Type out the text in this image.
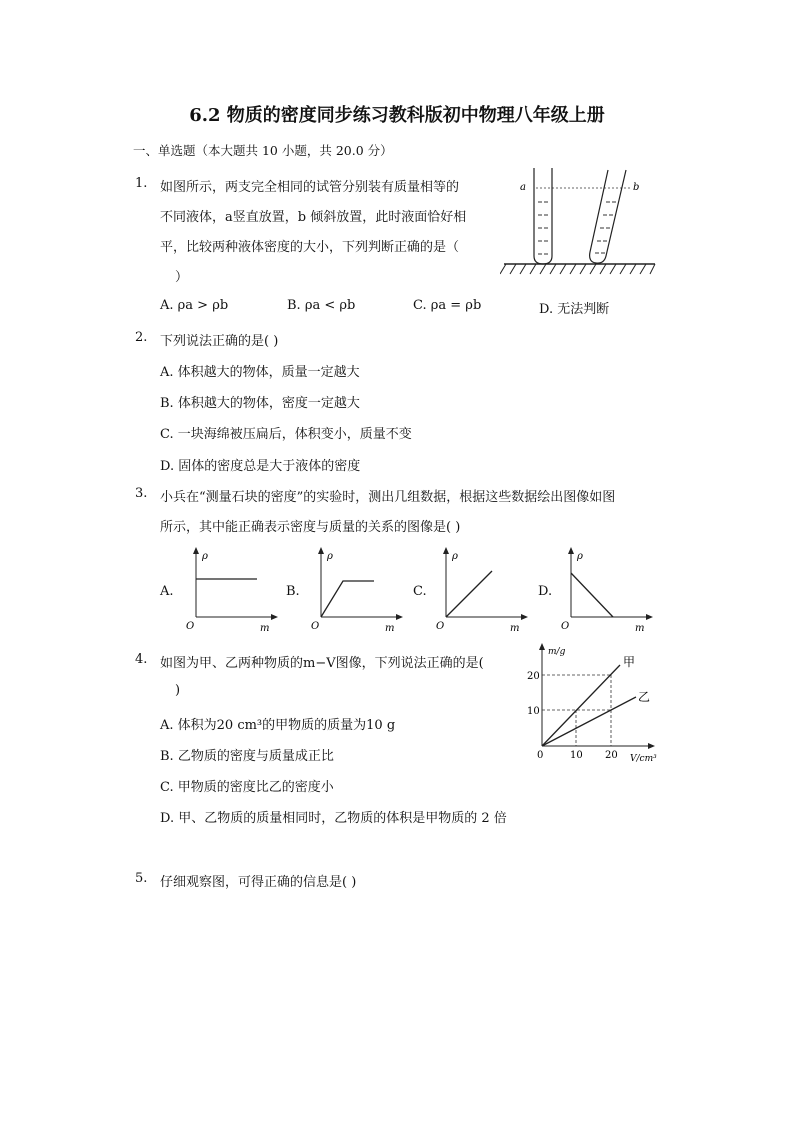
6.2 物质的密度同步练习教科版初中物理八年级上册
一、单选题（本大题共 10 小题，共 20.0 分）
1. 如图所示，两支完全相同的试管分别装有质量相等的
不同液体，a竖直放置，b 倾斜放置，此时液面恰好相
平，比较两种液体密度的大小，下列判断正确的是（
）
A. ρa > ρb	B. ρa < ρb	C. ρa = ρb	D. 无法判断
a	b
2. 下列说法正确的是( )
A. 体积越大的物体，质量一定越大
B. 体积越大的物体，密度一定越大
C. 一块海绵被压扁后，体积变小，质量不变
D. 固体的密度总是大于液体的密度
3. 小兵在“测量石块的密度”的实验时，测出几组数据，根据这些数据绘出图像如图
所示，其中能正确表示密度与质量的关系的图像是( )
A.	B.	C.	D.
ρ
m
O
ρ
m
O
ρ
m
O
ρ
m
O
4. 如图为甲、乙两种物质的m−V图像，下列说法正确的是(
)
A. 体积为20 cm³的甲物质的质量为10 g
B. 乙物质的密度与质量成正比
C. 甲物质的密度比乙的密度小
D. 甲、乙物质的质量相同时，乙物质的体积是甲物质的 2 倍
m/g
V/cm³
0	10 20
10
20
甲
乙
5. 仔细观察图，可得正确的信息是( )
